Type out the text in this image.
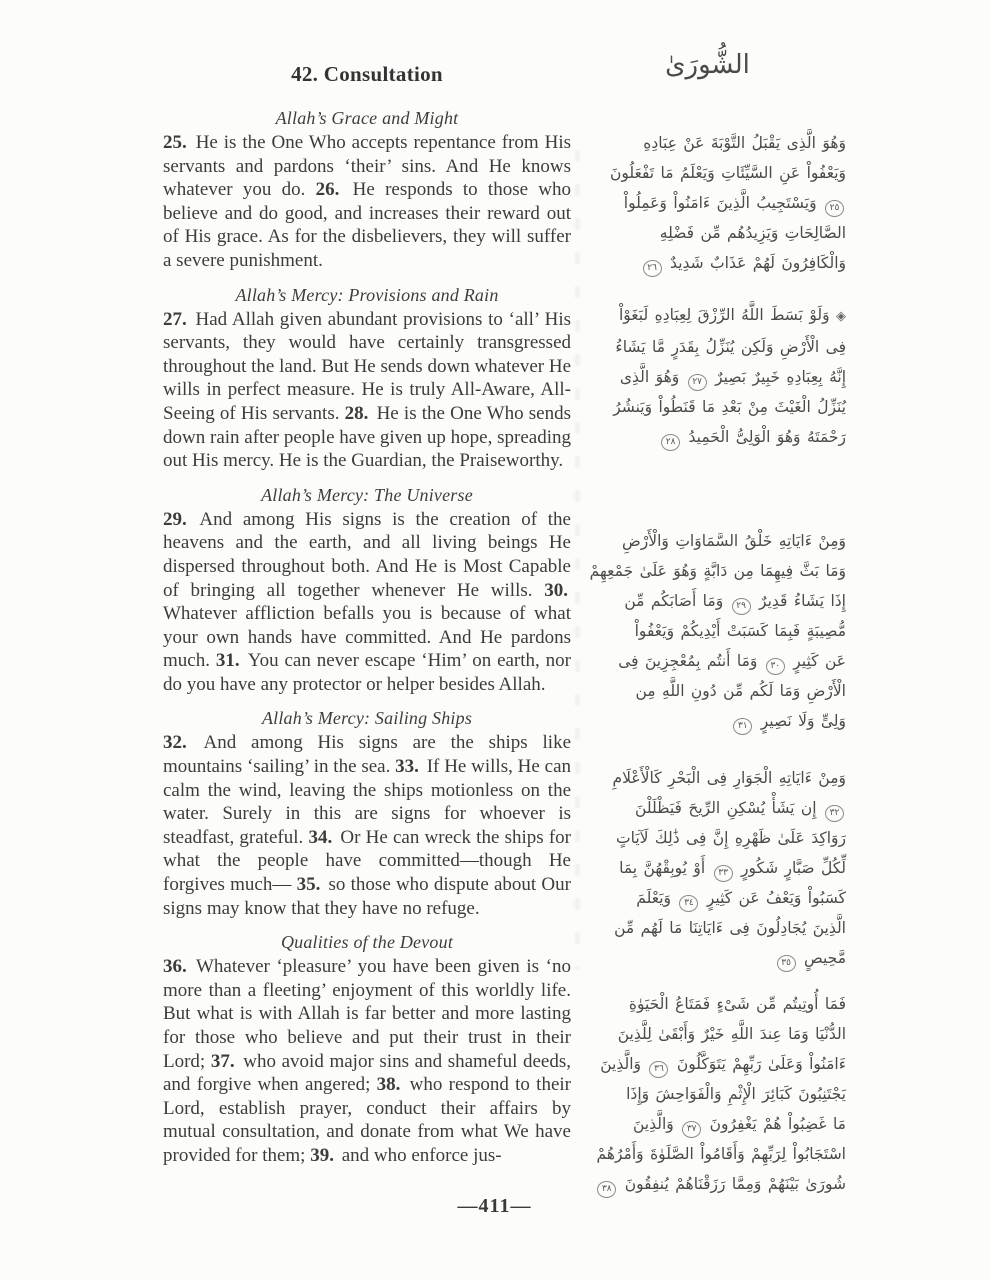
42. Consultation	الشُّورَىٰ
Allah’s Grace and Might

25. He is the One Who accepts repentance from His servants and pardons ‘their’ sins. And He knows whatever you do. 26. He responds to those who believe and do good, and increases their reward out of His grace. As for the disbelievers, they will suffer a severe punishment.

Allah’s Mercy: Provisions and Rain

27. Had Allah given abundant provisions to ‘all’ His servants, they would have certainly transgressed throughout the land. But He sends down whatever He wills in perfect measure. He is truly All-Aware, All-Seeing of His servants. 28. He is the One Who sends down rain after people have given up hope, spreading out His mercy. He is the Guardian, the Praiseworthy.

Allah’s Mercy: The Universe

29. And among His signs is the creation of the heavens and the earth, and all living beings He dispersed throughout both. And He is Most Capable of bringing all together whenever He wills. 30. Whatever affliction befalls you is because of what your own hands have committed. And He pardons much. 31. You can never escape ‘Him’ on earth, nor do you have any protector or helper besides Allah.

Allah’s Mercy: Sailing Ships

32. And among His signs are the ships like mountains ‘sailing’ in the sea. 33. If He wills, He can calm the wind, leaving the ships motionless on the water. Surely in this are signs for whoever is steadfast, grateful. 34. Or He can wreck the ships for what the people have committed—though He forgives much— 35. so those who dispute about Our signs may know that they have no refuge.

Qualities of the Devout

36. Whatever ‘pleasure’ you have been given is ‘no more than a fleeting’ enjoyment of this worldly life. But what is with Allah is far better and more lasting for those who believe and put their trust in their Lord; 37. who avoid major sins and shameful deeds, and forgive when angered; 38. who respond to their Lord, establish prayer, conduct their affairs by mutual consultation, and donate from what We have provided for them; 39. and who enforce jus-

وَهُوَ الَّذِى يَقْبَلُ التَّوْبَةَ عَنْ عِبَادِهِ
وَيَعْفُواْ عَنِ السَّيِّئَاتِ وَيَعْلَمُ مَا تَفْعَلُونَ
٢٥ وَيَسْتَجِيبُ الَّذِينَ ءَامَنُواْ وَعَمِلُواْ
الصَّالِحَاتِ وَيَزِيدُهُم مِّن فَضْلِهِ
وَالْكَافِرُونَ لَهُمْ عَذَابٌ شَدِيدٌ ٢٦
◈ وَلَوْ بَسَطَ اللَّهُ الرِّزْقَ لِعِبَادِهِ لَبَغَوْاْ
فِى الْأَرْضِ وَلَكِن يُنَزِّلُ بِقَدَرٍ مَّا يَشَاءُ
إِنَّهُ بِعِبَادِهِ خَبِيرٌ بَصِيرٌ ٢٧ وَهُوَ الَّذِى
يُنَزِّلُ الْغَيْثَ مِنْ بَعْدِ مَا قَنَطُواْ وَيَنشُرُ
رَحْمَتَهُ وَهُوَ الْوَلِىُّ الْحَمِيدُ ٢٨
وَمِنْ ءَايَاتِهِ خَلْقُ السَّمَاوَاتِ وَالْأَرْضِ
وَمَا بَثَّ فِيهِمَا مِن دَابَّةٍ وَهُوَ عَلَىٰ جَمْعِهِمْ
إِذَا يَشَاءُ قَدِيرٌ ٢٩ وَمَا أَصَابَكُم مِّن
مُّصِيبَةٍ فَبِمَا كَسَبَتْ أَيْدِيكُمْ وَيَعْفُواْ
عَن كَثِيرٍ ٣٠ وَمَا أَنتُم بِمُعْجِزِينَ فِى
الْأَرْضِ وَمَا لَكُم مِّن دُونِ اللَّهِ مِن
وَلِىٍّ وَلَا نَصِيرٍ ٣١
وَمِنْ ءَايَاتِهِ الْجَوَارِ فِى الْبَحْرِ كَالْأَعْلَامِ
٣٢ إِن يَشَأْ يُسْكِنِ الرِّيحَ فَيَظْلَلْنَ
رَوَاكِدَ عَلَىٰ ظَهْرِهِ إِنَّ فِى ذَٰلِكَ لَآيَاتٍ
لِّكُلِّ صَبَّارٍ شَكُورٍ ٣٣ أَوْ يُوبِقْهُنَّ بِمَا
كَسَبُواْ وَيَعْفُ عَن كَثِيرٍ ٣٤ وَيَعْلَمَ
الَّذِينَ يُجَادِلُونَ فِى ءَايَاتِنَا مَا لَهُم مِّن
مَّحِيصٍ ٣٥
فَمَا أُوتِيتُم مِّن شَىْءٍ فَمَتَاعُ الْحَيَوٰةِ
الدُّنْيَا وَمَا عِندَ اللَّهِ خَيْرٌ وَأَبْقَىٰ لِلَّذِينَ
ءَامَنُواْ وَعَلَىٰ رَبِّهِمْ يَتَوَكَّلُونَ ٣٦ وَالَّذِينَ
يَجْتَنِبُونَ كَبَائِرَ الْإِثْمِ وَالْفَوَاحِشَ وَإِذَا
مَا غَضِبُواْ هُمْ يَغْفِرُونَ ٣٧ وَالَّذِينَ
اسْتَجَابُواْ لِرَبِّهِمْ وَأَقَامُواْ الصَّلَوٰةَ وَأَمْرُهُمْ
شُورَىٰ بَيْنَهُمْ وَمِمَّا رَزَقْنَاهُمْ يُنفِقُونَ ٣٨
—411—
